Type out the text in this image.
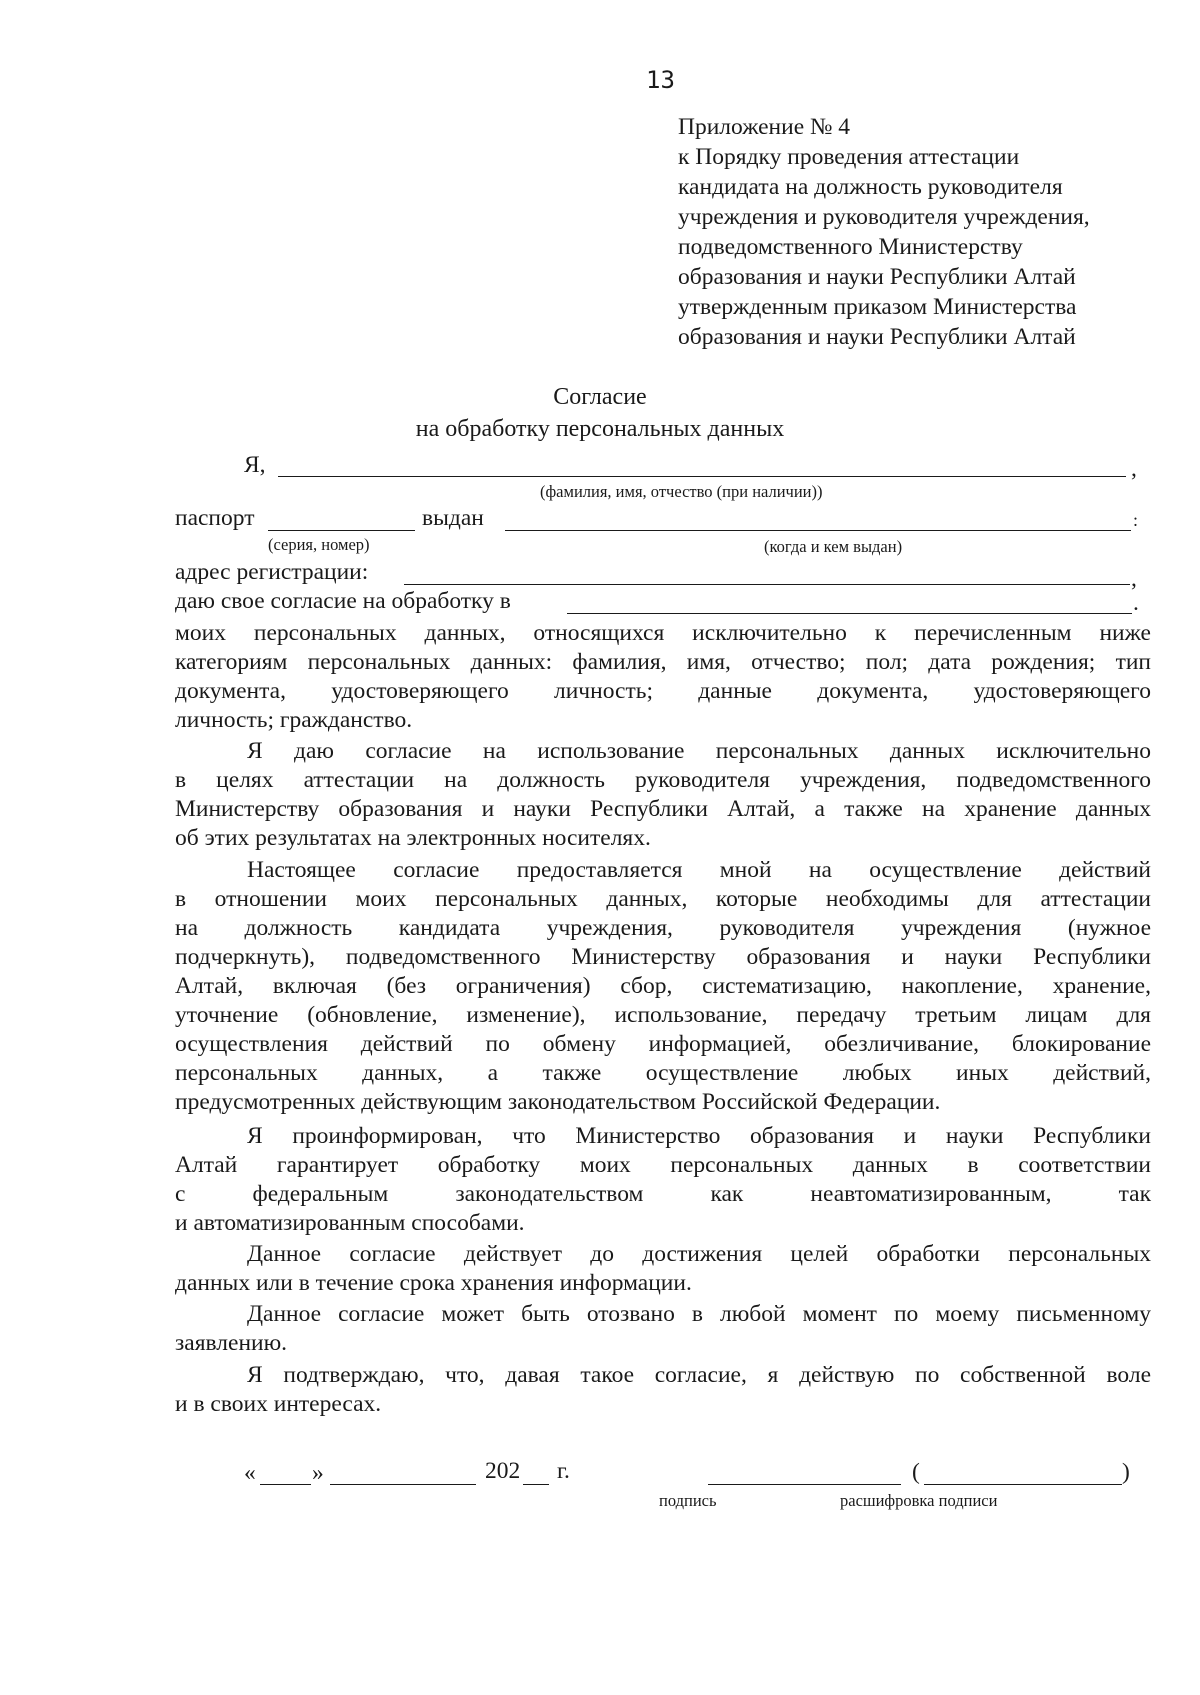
13
Приложение № 4
к Порядку проведения аттестации
кандидата на должность руководителя
учреждения и руководителя учреждения,
подведомственного Министерству
образования и науки Республики Алтай
утвержденным приказом Министерства
образования и науки Республики Алтай
Согласие
на обработку персональных данных
Я,	,
(фамилия, имя, отчество (при наличии))
паспорт	выдан	:
(серия, номер)	(когда и кем выдан)
адрес регистрации:	,
даю свое согласие на обработку в	.
моих персональных данных, относящихся исключительно к перечисленным ниже
категориям персональных данных: фамилия, имя, отчество; пол; дата рождения; тип
документа, удостоверяющего личность; данные документа, удостоверяющего
личность; гражданство.
Я даю согласие на использование персональных данных исключительно
в целях аттестации на должность руководителя учреждения, подведомственного
Министерству образования и науки Республики Алтай, а также на хранение данных
об этих результатах на электронных носителях.
Настоящее согласие предоставляется мной на осуществление действий
в отношении моих персональных данных, которые необходимы для аттестации
на должность кандидата учреждения, руководителя учреждения (нужное
подчеркнуть), подведомственного Министерству образования и науки Республики
Алтай, включая (без ограничения) сбор, систематизацию, накопление, хранение,
уточнение (обновление, изменение), использование, передачу третьим лицам для
осуществления действий по обмену информацией, обезличивание, блокирование
персональных данных, а также осуществление любых иных действий,
предусмотренных действующим законодательством Российской Федерации.
Я проинформирован, что Министерство образования и науки Республики
Алтай гарантирует обработку моих персональных данных в соответствии
с федеральным законодательством как неавтоматизированным, так
и автоматизированным способами.
Данное согласие действует до достижения целей обработки персональных
данных или в течение срока хранения информации.
Данное согласие может быть отозвано в любой момент по моему письменному
заявлению.
Я подтверждаю, что, давая такое согласие, я действую по собственной воле
и в своих интересах.
« »	202 г.	(	)
подпись	расшифровка подписи
